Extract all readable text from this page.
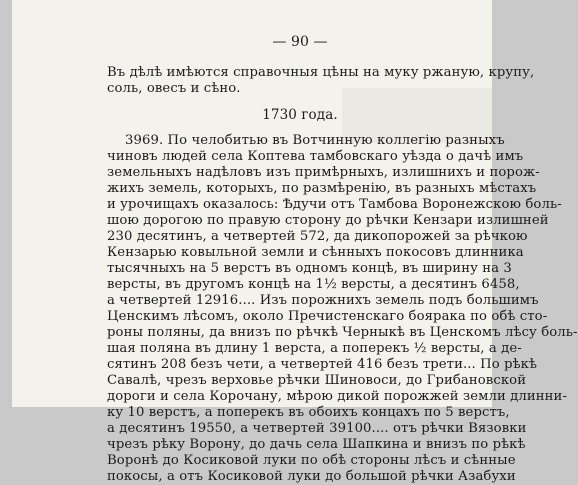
— 90 —
Въ дѣлѣ имѣются справочныя цѣны на муку ржаную, крупу,
соль, овесъ и сѣно.
1730 года.
3969. По челобитью въ Вотчинную коллегію разныхъ
чиновъ людей села Коптева тамбовскаго уѣзда о дачѣ имъ
земельныхъ надѣловъ изъ примѣрныхъ, излишнихъ и порож-
жихъ земель, которыхъ, по размѣренію, въ разныхъ мѣстахъ
и урочищахъ оказалось: Ѣдучи отъ Тамбова Воронежскою боль-
шою дорогою по правую сторону до рѣчки Кензари излишней
230 десятинъ, а четвертей 572, да дикопорожей за рѣчкою
Кензарью ковыльной земли и сѣнныхъ покосовъ длинника
тысячныхъ на 5 верстъ въ одномъ концѣ, въ ширину на 3
версты, въ другомъ концѣ на 1½ версты, а десятинъ 6458,
а четвертей 12916.... Изъ порожнихъ земель подъ большимъ
Ценскимъ лѣсомъ, около Пречистенскаго боярака по обѣ сто-
роны поляны, да внизъ по рѣчкѣ Черныкѣ въ Ценскомъ лѣсу боль-
шая поляна въ длину 1 верста, а поперекъ ½ версты, а де-
сятинъ 208 безъ чети, а четвертей 416 безъ трети... По рѣкѣ
Савалѣ, чрезъ верховье рѣчки Шиновоси, до Грибановской
дороги и села Корочану, мѣрою дикой порожжей земли длинни-
ку 10 верстъ, а поперекъ въ обоихъ концахъ по 5 верстъ,
а десятинъ 19550, а четвертей 39100.... отъ рѣчки Вязовки
чрезъ рѣку Ворону, до дачь села Шапкина и внизъ по рѣкѣ
Воронѣ до Косиковой луки по обѣ стороны лѣсъ и сѣнные
покосы, а отъ Косиковой луки до большой рѣчки Азабухи
